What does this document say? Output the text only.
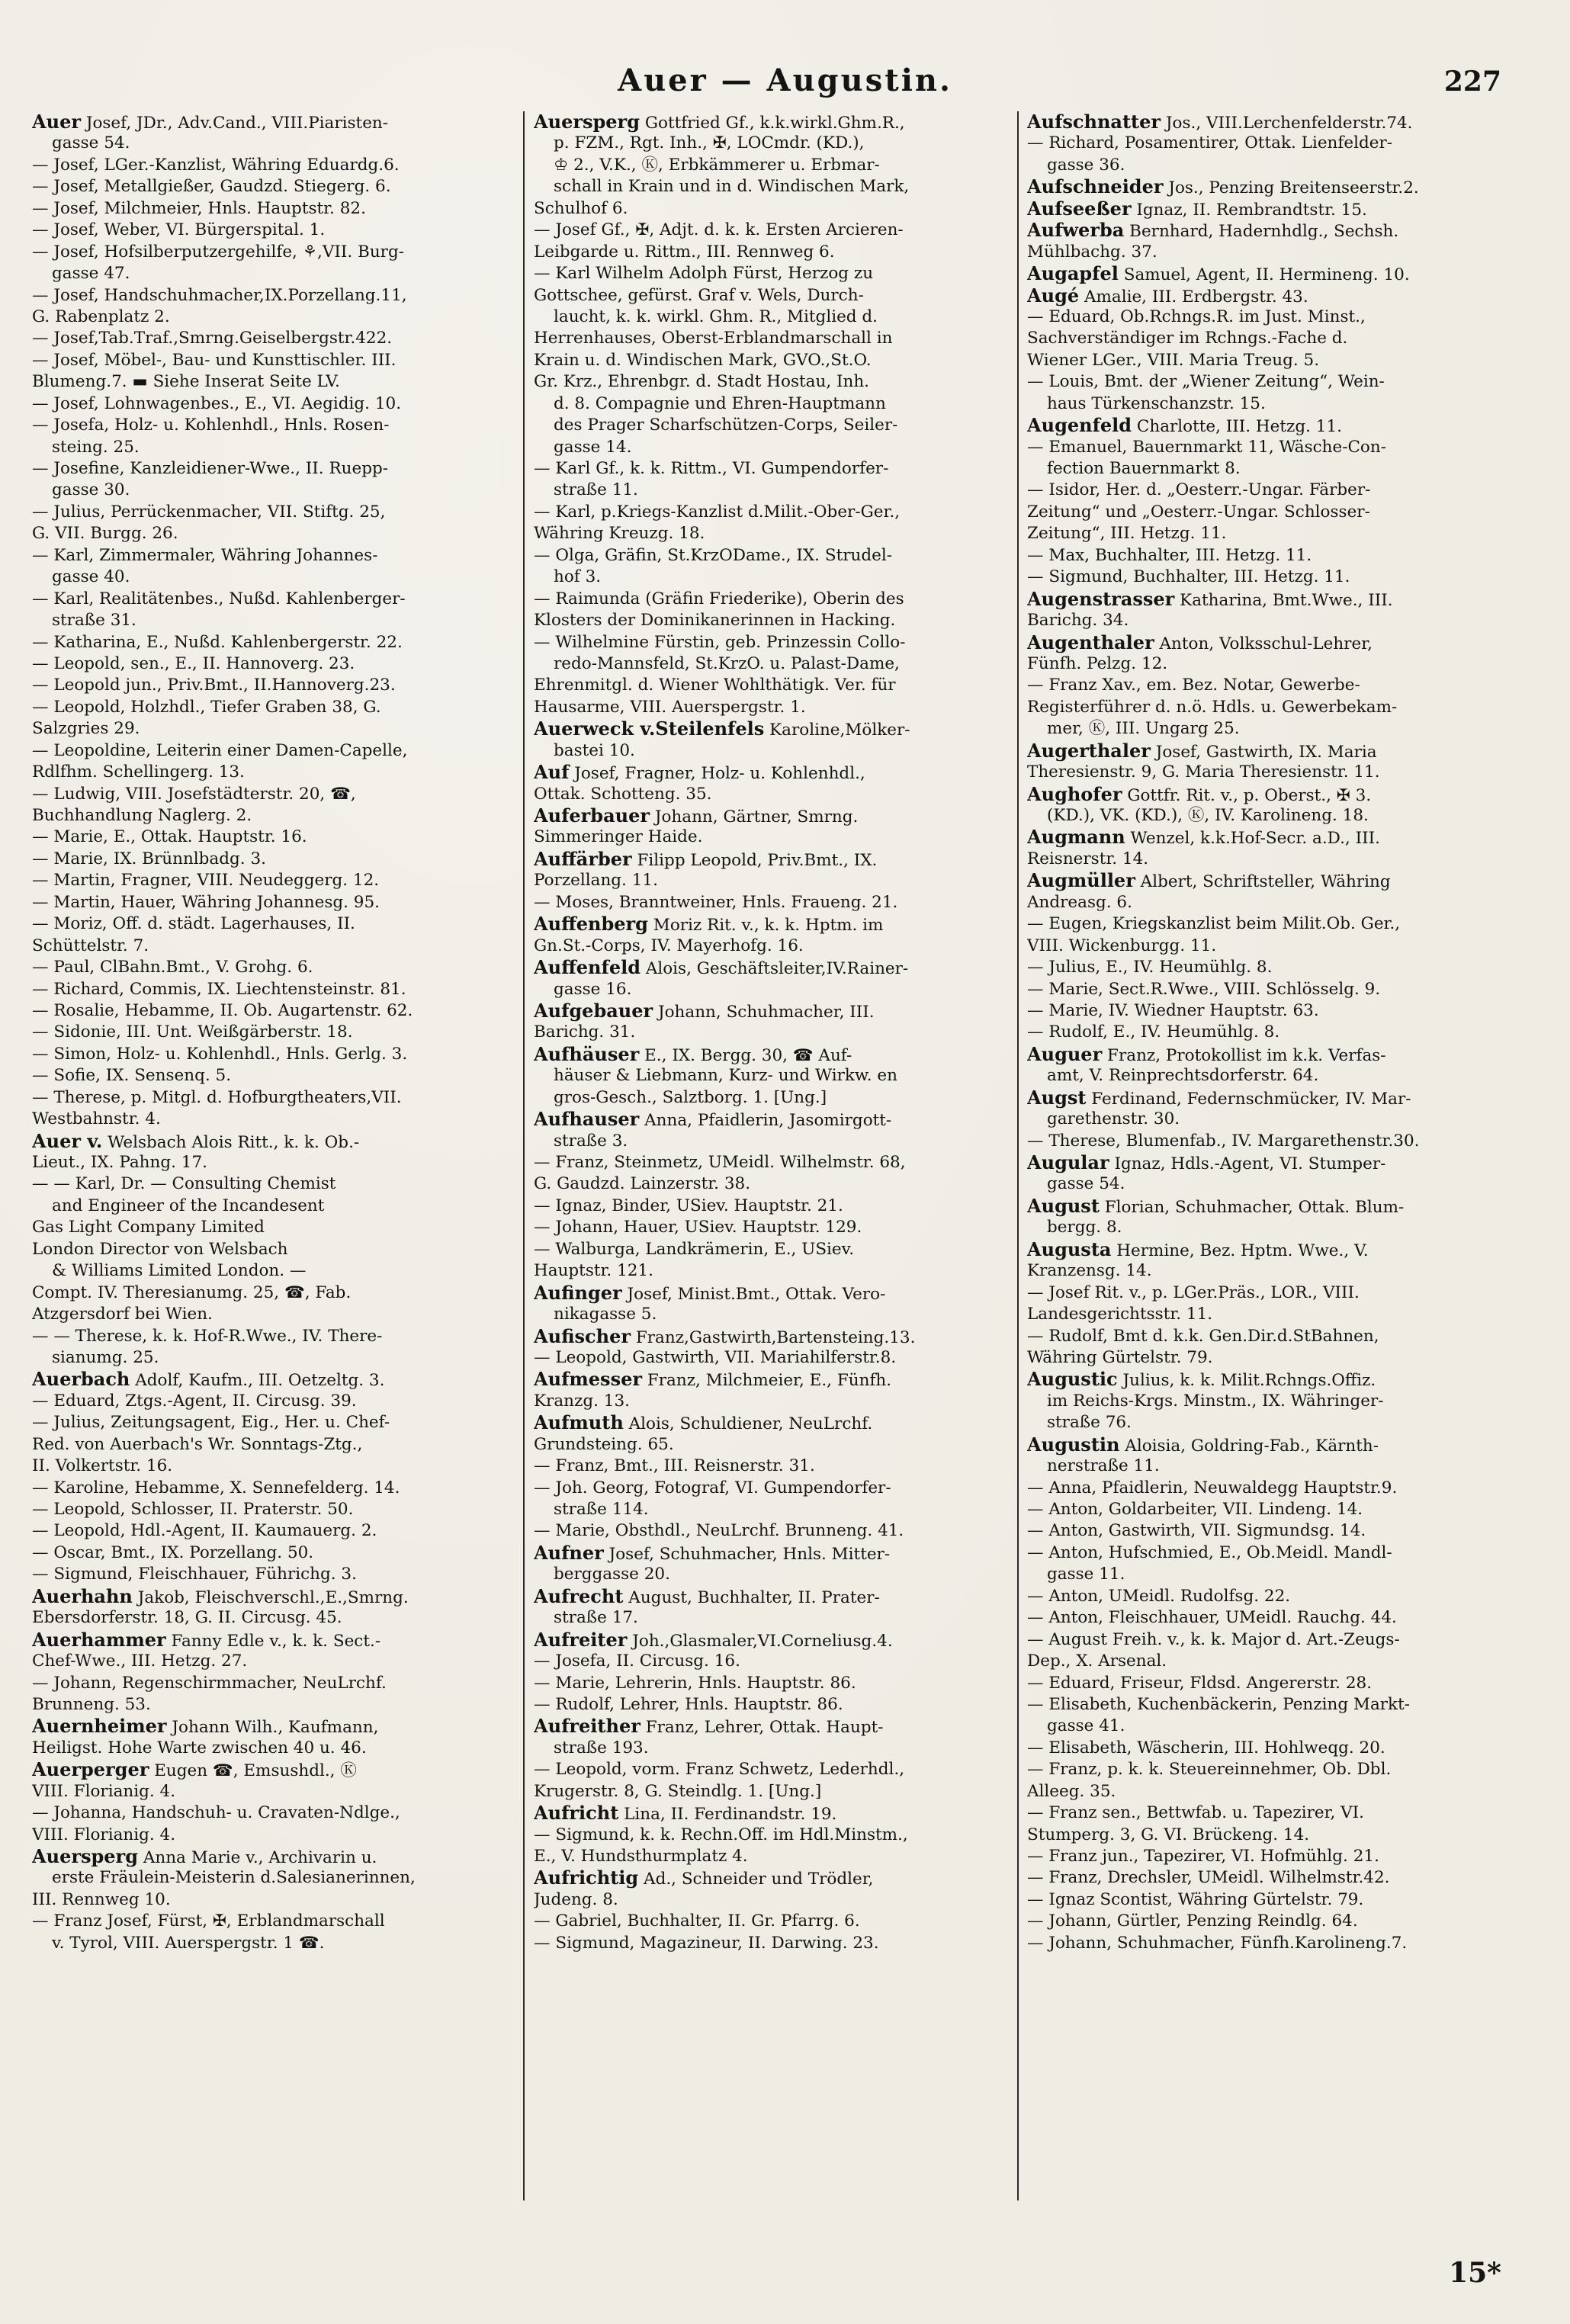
Auer — Augustin.	227
Auer Josef, JDr., Adv.Cand., VIII.Piaristen-
gasse 54.
— Josef, LGer.-Kanzlist, Währing Eduardg.6.
— Josef, Metallgießer, Gaudzd. Stiegerg. 6.
— Josef, Milchmeier, Hnls. Hauptstr. 82.
— Josef, Weber, VI. Bürgerspital. 1.
— Josef, Hofsilberputzergehilfe, ⚘,VII. Burg-
gasse 47.
— Josef, Handschuhmacher,IX.Porzellang.11,
G. Rabenplatz 2.
— Josef,Tab.Traf.,Smrng.Geiselbergstr.422.
— Josef, Möbel-, Bau- und Kunsttischler. III.
Blumeng.7. ▬ Siehe Inserat Seite LV.
— Josef, Lohnwagenbes., E., VI. Aegidig. 10.
— Josefa, Holz- u. Kohlenhdl., Hnls. Rosen-
steing. 25.
— Josefine, Kanzleidiener-Wwe., II. Ruepp-
gasse 30.
— Julius, Perrückenmacher, VII. Stiftg. 25,
G. VII. Burgg. 26.
— Karl, Zimmermaler, Währing Johannes-
gasse 40.
— Karl, Realitätenbes., Nußd. Kahlenberger-
straße 31.
— Katharina, E., Nußd. Kahlenbergerstr. 22.
— Leopold, sen., E., II. Hannoverg. 23.
— Leopold jun., Priv.Bmt., II.Hannoverg.23.
— Leopold, Holzhdl., Tiefer Graben 38, G.
Salzgries 29.
— Leopoldine, Leiterin einer Damen-Capelle,
Rdlfhm. Schellingerg. 13.
— Ludwig, VIII. Josefstädterstr. 20, ☎,
Buchhandlung Naglerg. 2.
— Marie, E., Ottak. Hauptstr. 16.
— Marie, IX. Brünnlbadg. 3.
— Martin, Fragner, VIII. Neudeggerg. 12.
— Martin, Hauer, Währing Johannesg. 95.
— Moriz, Off. d. städt. Lagerhauses, II.
Schüttelstr. 7.
— Paul, ClBahn.Bmt., V. Grohg. 6.
— Richard, Commis, IX. Liechtensteinstr. 81.
— Rosalie, Hebamme, II. Ob. Augartenstr. 62.
— Sidonie, III. Unt. Weißgärberstr. 18.
— Simon, Holz- u. Kohlenhdl., Hnls. Gerlg. 3.
— Sofie, IX. Sensenq. 5.
— Therese, p. Mitgl. d. Hofburgtheaters,VII.
Westbahnstr. 4.
Auer v. Welsbach Alois Ritt., k. k. Ob.-
Lieut., IX. Pahng. 17.
— — Karl, Dr. — Consulting Chemist
and Engineer of the Incandesent
Gas Light Company Limited
London Director von Welsbach
& Williams Limited London. —
Compt. IV. Theresianumg. 25, ☎, Fab.
Atzgersdorf bei Wien.
— — Therese, k. k. Hof-R.Wwe., IV. There-
sianumg. 25.
Auerbach Adolf, Kaufm., III. Oetzeltg. 3.
— Eduard, Ztgs.-Agent, II. Circusg. 39.
— Julius, Zeitungsagent, Eig., Her. u. Chef-
Red. von Auerbach's Wr. Sonntags-Ztg.,
II. Volkertstr. 16.
— Karoline, Hebamme, X. Sennefelderg. 14.
— Leopold, Schlosser, II. Praterstr. 50.
— Leopold, Hdl.-Agent, II. Kaumauerg. 2.
— Oscar, Bmt., IX. Porzellang. 50.
— Sigmund, Fleischhauer, Führichg. 3.
Auerhahn Jakob, Fleischverschl.,E.,Smrng.
Ebersdorferstr. 18, G. II. Circusg. 45.
Auerhammer Fanny Edle v., k. k. Sect.-
Chef-Wwe., III. Hetzg. 27.
— Johann, Regenschirmmacher, NeuLrchf.
Brunneng. 53.
Auernheimer Johann Wilh., Kaufmann,
Heiligst. Hohe Warte zwischen 40 u. 46.
Auerperger Eugen ☎, Emsushdl., Ⓚ
VIII. Florianig. 4.
— Johanna, Handschuh- u. Cravaten-Ndlge.,
VIII. Florianig. 4.
Auersperg Anna Marie v., Archivarin u.
erste Fräulein-Meisterin d.Salesianerinnen,
III. Rennweg 10.
— Franz Josef, Fürst, ✠, Erblandmarschall
v. Tyrol, VIII. Auerspergstr. 1 ☎.
Auersperg Gottfried Gf., k.k.wirkl.Ghm.R.,
p. FZM., Rgt. Inh., ✠, LOCmdr. (KD.),
♔ 2., V.K., Ⓚ, Erbkämmerer u. Erbmar-
schall in Krain und in d. Windischen Mark,
Schulhof 6.
— Josef Gf., ✠, Adjt. d. k. k. Ersten Arcieren-
Leibgarde u. Rittm., III. Rennweg 6.
— Karl Wilhelm Adolph Fürst, Herzog zu
Gottschee, gefürst. Graf v. Wels, Durch-
laucht, k. k. wirkl. Ghm. R., Mitglied d.
Herrenhauses, Oberst-Erblandmarschall in
Krain u. d. Windischen Mark, GVO.,St.O.
Gr. Krz., Ehrenbgr. d. Stadt Hostau, Inh.
d. 8. Compagnie und Ehren-Hauptmann
des Prager Scharfschützen-Corps, Seiler-
gasse 14.
— Karl Gf., k. k. Rittm., VI. Gumpendorfer-
straße 11.
— Karl, p.Kriegs-Kanzlist d.Milit.-Ober-Ger.,
Währing Kreuzg. 18.
— Olga, Gräfin, St.KrzODame., IX. Strudel-
hof 3.
— Raimunda (Gräfin Friederike), Oberin des
Klosters der Dominikanerinnen in Hacking.
— Wilhelmine Fürstin, geb. Prinzessin Collo-
redo-Mannsfeld, St.KrzO. u. Palast-Dame,
Ehrenmitgl. d. Wiener Wohlthätigk. Ver. für
Hausarme, VIII. Auerspergstr. 1.
Auerweck v.Steilenfels Karoline,Mölker-
bastei 10.
Auf Josef, Fragner, Holz- u. Kohlenhdl.,
Ottak. Schotteng. 35.
Auferbauer Johann, Gärtner, Smrng.
Simmeringer Haide.
Auffärber Filipp Leopold, Priv.Bmt., IX.
Porzellang. 11.
— Moses, Branntweiner, Hnls. Fraueng. 21.
Auffenberg Moriz Rit. v., k. k. Hptm. im
Gn.St.-Corps, IV. Mayerhofg. 16.
Auffenfeld Alois, Geschäftsleiter,IV.Rainer-
gasse 16.
Aufgebauer Johann, Schuhmacher, III.
Barichg. 31.
Aufhäuser E., IX. Bergg. 30, ☎ Auf-
häuser & Liebmann, Kurz- und Wirkw. en
gros-Gesch., Salztborg. 1. [Ung.]
Aufhauser Anna, Pfaidlerin, Jasomirgott-
straße 3.
— Franz, Steinmetz, UMeidl. Wilhelmstr. 68,
G. Gaudzd. Lainzerstr. 38.
— Ignaz, Binder, USiev. Hauptstr. 21.
— Johann, Hauer, USiev. Hauptstr. 129.
— Walburga, Landkrämerin, E., USiev.
Hauptstr. 121.
Aufinger Josef, Minist.Bmt., Ottak. Vero-
nikagasse 5.
Aufischer Franz,Gastwirth,Bartensteing.13.
— Leopold, Gastwirth, VII. Mariahilferstr.8.
Aufmesser Franz, Milchmeier, E., Fünfh.
Kranzg. 13.
Aufmuth Alois, Schuldiener, NeuLrchf.
Grundsteing. 65.
— Franz, Bmt., III. Reisnerstr. 31.
— Joh. Georg, Fotograf, VI. Gumpendorfer-
straße 114.
— Marie, Obsthdl., NeuLrchf. Brunneng. 41.
Aufner Josef, Schuhmacher, Hnls. Mitter-
berggasse 20.
Aufrecht August, Buchhalter, II. Prater-
straße 17.
Aufreiter Joh.,Glasmaler,VI.Corneliusg.4.
— Josefa, II. Circusg. 16.
— Marie, Lehrerin, Hnls. Hauptstr. 86.
— Rudolf, Lehrer, Hnls. Hauptstr. 86.
Aufreither Franz, Lehrer, Ottak. Haupt-
straße 193.
— Leopold, vorm. Franz Schwetz, Lederhdl.,
Krugerstr. 8, G. Steindlg. 1. [Ung.]
Aufricht Lina, II. Ferdinandstr. 19.
— Sigmund, k. k. Rechn.Off. im Hdl.Minstm.,
E., V. Hundsthurmplatz 4.
Aufrichtig Ad., Schneider und Trödler,
Judeng. 8.
— Gabriel, Buchhalter, II. Gr. Pfarrg. 6.
— Sigmund, Magazineur, II. Darwing. 23.
Aufschnatter Jos., VIII.Lerchenfelderstr.74.
— Richard, Posamentirer, Ottak. Lienfelder-
gasse 36.
Aufschneider Jos., Penzing Breitenseerstr.2.
Aufseeßer Ignaz, II. Rembrandtstr. 15.
Aufwerba Bernhard, Hadernhdlg., Sechsh.
Mühlbachg. 37.
Augapfel Samuel, Agent, II. Hermineng. 10.
Augé Amalie, III. Erdbergstr. 43.
— Eduard, Ob.Rchngs.R. im Just. Minst.,
Sachverständiger im Rchngs.-Fache d.
Wiener LGer., VIII. Maria Treug. 5.
— Louis, Bmt. der „Wiener Zeitung“, Wein-
haus Türkenschanzstr. 15.
Augenfeld Charlotte, III. Hetzg. 11.
— Emanuel, Bauernmarkt 11, Wäsche-Con-
fection Bauernmarkt 8.
— Isidor, Her. d. „Oesterr.-Ungar. Färber-
Zeitung“ und „Oesterr.-Ungar. Schlosser-
Zeitung“, III. Hetzg. 11.
— Max, Buchhalter, III. Hetzg. 11.
— Sigmund, Buchhalter, III. Hetzg. 11.
Augenstrasser Katharina, Bmt.Wwe., III.
Barichg. 34.
Augenthaler Anton, Volksschul-Lehrer,
Fünfh. Pelzg. 12.
— Franz Xav., em. Bez. Notar, Gewerbe-
Registerführer d. n.ö. Hdls. u. Gewerbekam-
mer, Ⓚ, III. Ungarg 25.
Augerthaler Josef, Gastwirth, IX. Maria
Theresienstr. 9, G. Maria Theresienstr. 11.
Aughofer Gottfr. Rit. v., p. Oberst., ✠ 3.
(KD.), VK. (KD.), Ⓚ, IV. Karolineng. 18.
Augmann Wenzel, k.k.Hof-Secr. a.D., III.
Reisnerstr. 14.
Augmüller Albert, Schriftsteller, Währing
Andreasg. 6.
— Eugen, Kriegskanzlist beim Milit.Ob. Ger.,
VIII. Wickenburgg. 11.
— Julius, E., IV. Heumühlg. 8.
— Marie, Sect.R.Wwe., VIII. Schlösselg. 9.
— Marie, IV. Wiedner Hauptstr. 63.
— Rudolf, E., IV. Heumühlg. 8.
Auguer Franz, Protokollist im k.k. Verfas-
amt, V. Reinprechtsdorferstr. 64.
Augst Ferdinand, Federnschmücker, IV. Mar-
garethenstr. 30.
— Therese, Blumenfab., IV. Margarethenstr.30.
Augular Ignaz, Hdls.-Agent, VI. Stumper-
gasse 54.
August Florian, Schuhmacher, Ottak. Blum-
bergg. 8.
Augusta Hermine, Bez. Hptm. Wwe., V.
Kranzensg. 14.
— Josef Rit. v., p. LGer.Präs., LOR., VIII.
Landesgerichtsstr. 11.
— Rudolf, Bmt d. k.k. Gen.Dir.d.StBahnen,
Währing Gürtelstr. 79.
Augustic Julius, k. k. Milit.Rchngs.Offiz.
im Reichs-Krgs. Minstm., IX. Währinger-
straße 76.
Augustin Aloisia, Goldring-Fab., Kärnth-
nerstraße 11.
— Anna, Pfaidlerin, Neuwaldegg Hauptstr.9.
— Anton, Goldarbeiter, VII. Lindeng. 14.
— Anton, Gastwirth, VII. Sigmundsg. 14.
— Anton, Hufschmied, E., Ob.Meidl. Mandl-
gasse 11.
— Anton, UMeidl. Rudolfsg. 22.
— Anton, Fleischhauer, UMeidl. Rauchg. 44.
— August Freih. v., k. k. Major d. Art.-Zeugs-
Dep., X. Arsenal.
— Eduard, Friseur, Fldsd. Angererstr. 28.
— Elisabeth, Kuchenbäckerin, Penzing Markt-
gasse 41.
— Elisabeth, Wäscherin, III. Hohlweqg. 20.
— Franz, p. k. k. Steuereinnehmer, Ob. Dbl.
Alleeg. 35.
— Franz sen., Bettwfab. u. Tapezirer, VI.
Stumperg. 3, G. VI. Brückeng. 14.
— Franz jun., Tapezirer, VI. Hofmühlg. 21.
— Franz, Drechsler, UMeidl. Wilhelmstr.42.
— Ignaz Scontist, Währing Gürtelstr. 79.
— Johann, Gürtler, Penzing Reindlg. 64.
— Johann, Schuhmacher, Fünfh.Karolineng.7.
15*
